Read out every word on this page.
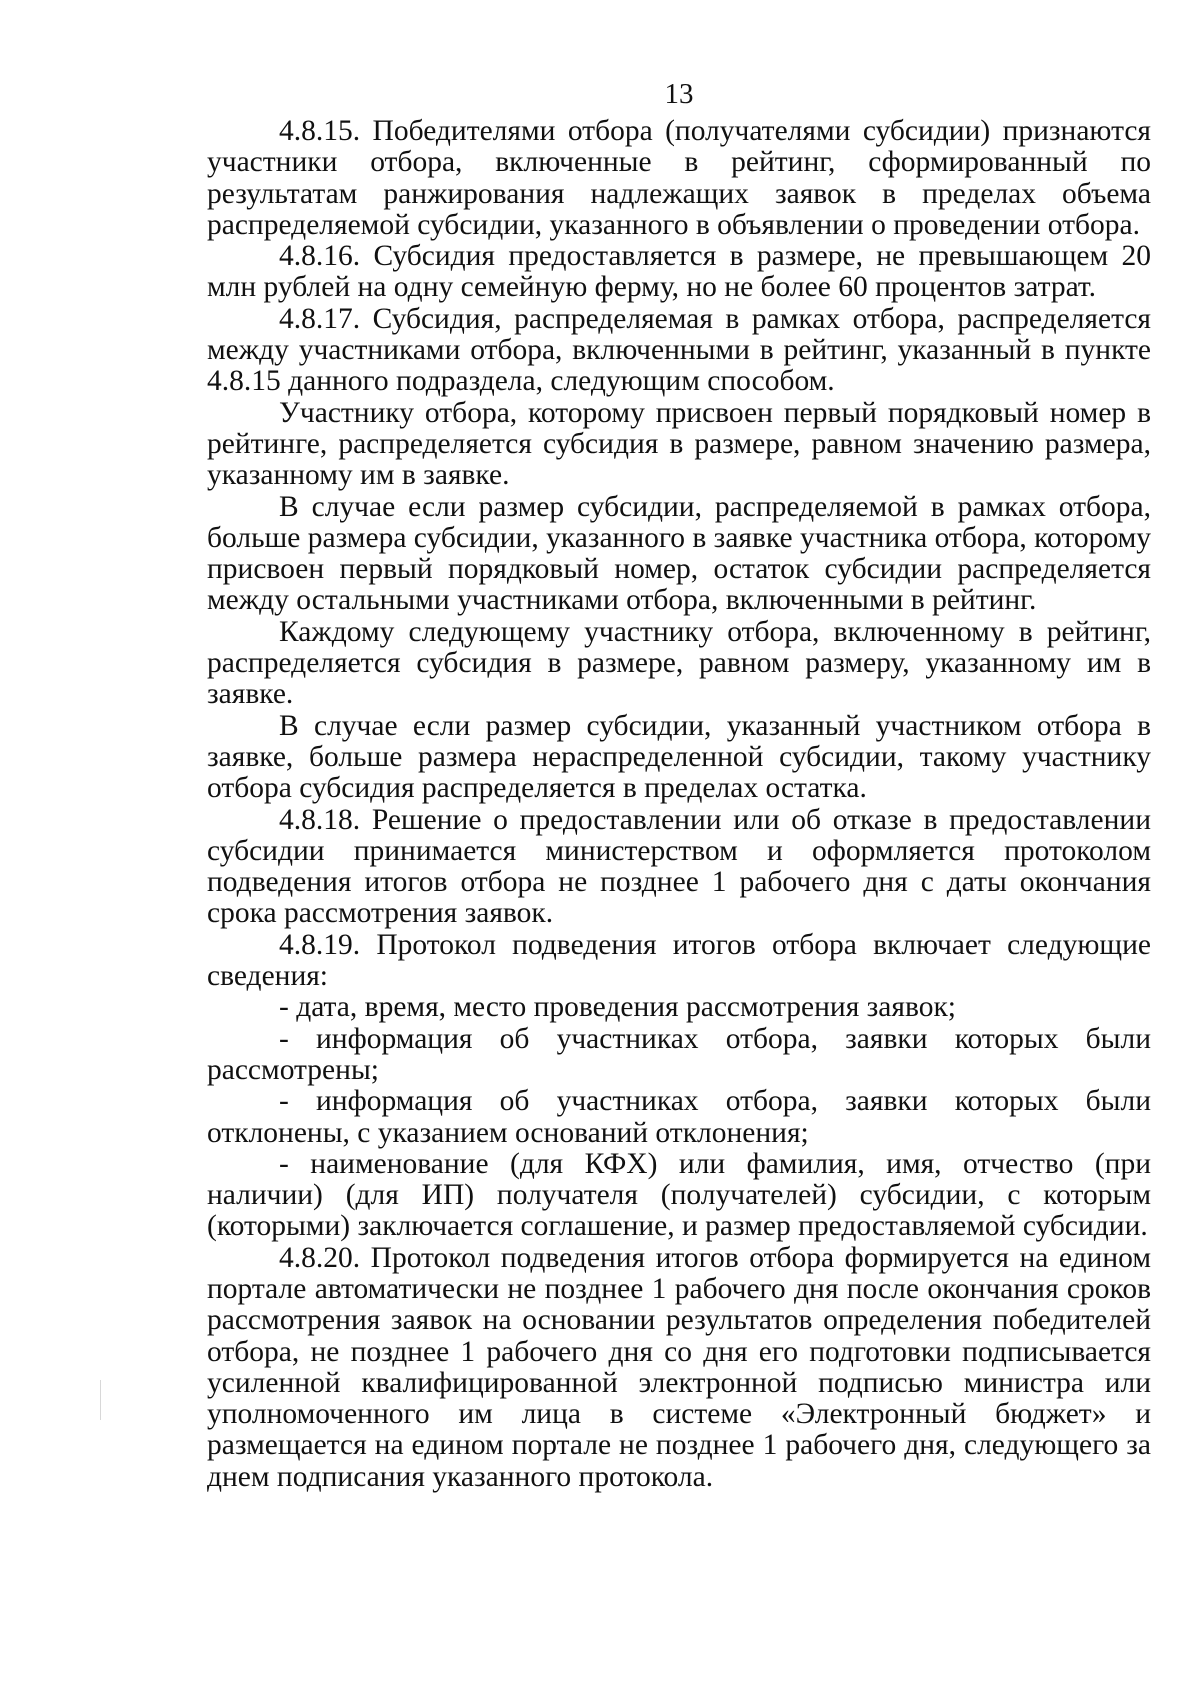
13

4.8.15. Победителями отбора (получателями субсидии) признаются участники отбора, включенные в рейтинг, сформированный по результатам ранжирования надлежащих заявок в пределах объема распределяемой субсидии, указанного в объявлении о проведении отбора.

4.8.16. Субсидия предоставляется в размере, не превышающем 20 млн рублей на одну семейную ферму, но не более 60 процентов затрат.

4.8.17. Субсидия, распределяемая в рамках отбора, распределяется между участниками отбора, включенными в рейтинг, указанный в пункте 4.8.15 данного подраздела, следующим способом.

Участнику отбора, которому присвоен первый порядковый номер в рейтинге, распределяется субсидия в размере, равном значению размера, указанному им в заявке.

В случае если размер субсидии, распределяемой в рамках отбора, больше размера субсидии, указанного в заявке участника отбора, которому присвоен первый порядковый номер, остаток субсидии распределяется между остальными участниками отбора, включенными в рейтинг.

Каждому следующему участнику отбора, включенному в рейтинг, распределяется субсидия в размере, равном размеру, указанному им в заявке.

В случае если размер субсидии, указанный участником отбора в заявке, больше размера нераспределенной субсидии, такому участнику отбора субсидия распределяется в пределах остатка.

4.8.18. Решение о предоставлении или об отказе в предоставлении субсидии принимается министерством и оформляется протоколом подведения итогов отбора не позднее 1 рабочего дня с даты окончания срока рассмотрения заявок.

4.8.19. Протокол подведения итогов отбора включает следующие сведения:

- дата, время, место проведения рассмотрения заявок;

- информация об участниках отбора, заявки которых были рассмотрены;

- информация об участниках отбора, заявки которых были отклонены, с указанием оснований отклонения;

- наименование (для КФХ) или фамилия, имя, отчество (при наличии) (для ИП) получателя (получателей) субсидии, с которым (которыми) заключается соглашение, и размер предоставляемой субсидии.

4.8.20. Протокол подведения итогов отбора формируется на едином портале автоматически не позднее 1 рабочего дня после окончания сроков рассмотрения заявок на основании результатов определения победителей отбора, не позднее 1 рабочего дня со дня его подготовки подписывается усиленной квалифицированной электронной подписью министра или уполномоченного им лица в системе «Электронный бюджет» и размещается на едином портале не позднее 1 рабочего дня, следующего за днем подписания указанного протокола.
